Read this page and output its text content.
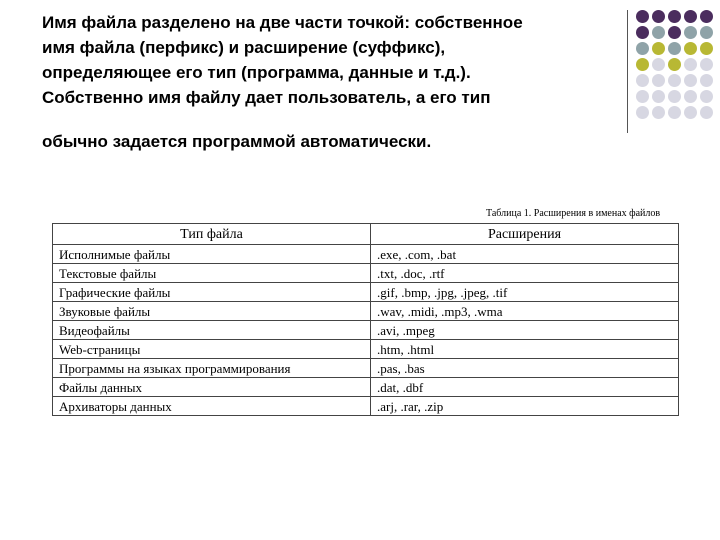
Имя файла разделено на две части точкой: собственное
имя файла (перфикс) и расширение (суффикс),
определяющее его тип (программа, данные и т.д.).
Собственно имя файлу дает пользователь, а его тип
обычно задается программой автоматически.

Таблица 1. Расширения в именах файлов
Тип файла	Расширения
Исполнимые файлы	.exe, .com, .bat
Текстовые файлы	.txt, .doc, .rtf
Графические файлы	.gif, .bmp, .jpg, .jpeg, .tif
Звуковые файлы	.wav, .midi, .mp3, .wma
Видеофайлы	.avi, .mpeg
Web-страницы	.htm, .html
Программы на языках программирования	.pas, .bas
Файлы данных	.dat, .dbf
Архиваторы данных	.arj, .rar, .zip
